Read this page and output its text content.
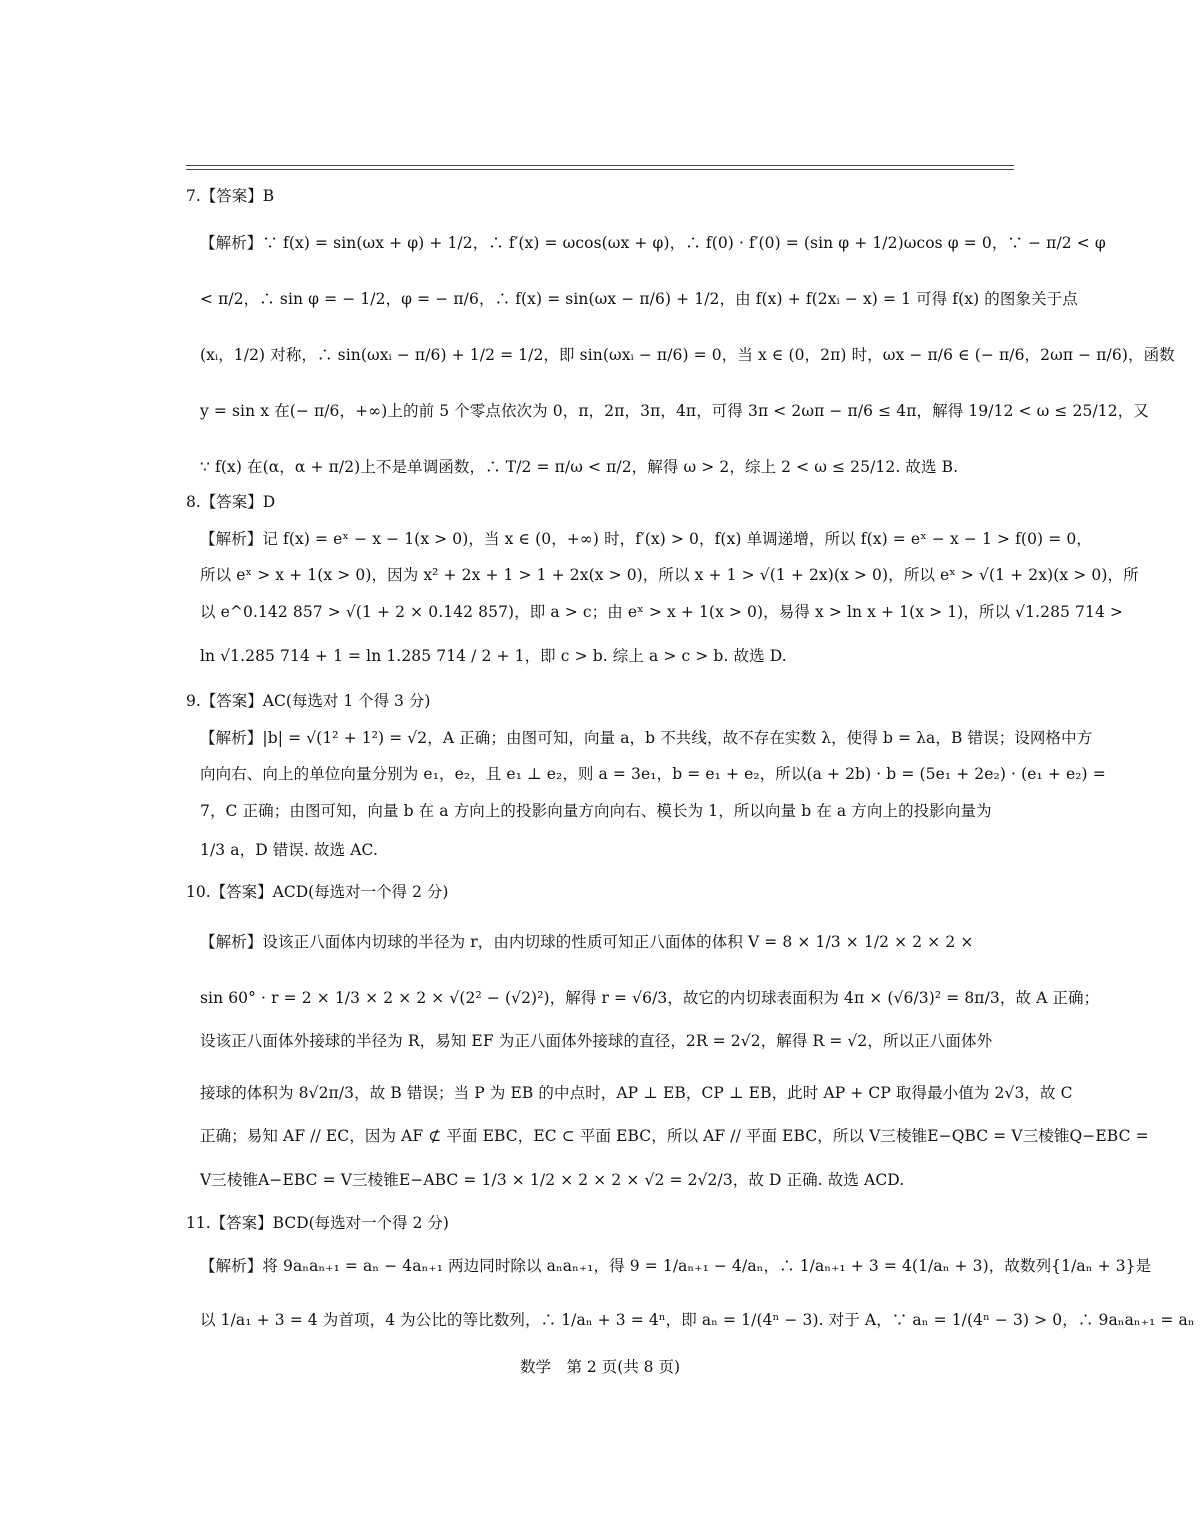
7.【答案】B
【解析】∵ f(x) = sin(ωx + φ) + 1/2，∴ f′(x) = ωcos(ωx + φ)，∴ f(0) · f′(0) = (sin φ + 1/2)ωcos φ = 0，∵ − π/2 < φ
< π/2，∴ sin φ = − 1/2，φ = − π/6，∴ f(x) = sin(ωx − π/6) + 1/2，由 f(x) + f(2xᵢ − x) = 1 可得 f(x) 的图象关于点
(xᵢ，1/2) 对称，∴ sin(ωxᵢ − π/6) + 1/2 = 1/2，即 sin(ωxᵢ − π/6) = 0，当 x ∈ (0，2π) 时，ωx − π/6 ∈ (− π/6，2ωπ − π/6)，函数
y = sin x 在(− π/6，+∞)上的前 5 个零点依次为 0，π，2π，3π，4π，可得 3π < 2ωπ − π/6 ≤ 4π，解得 19/12 < ω ≤ 25/12，又
∵ f(x) 在(α，α + π/2)上不是单调函数，∴ T/2 = π/ω < π/2，解得 ω > 2，综上 2 < ω ≤ 25/12. 故选 B.
8.【答案】D
【解析】记 f(x) = eˣ − x − 1(x > 0)，当 x ∈ (0，+∞) 时，f′(x) > 0，f(x) 单调递增，所以 f(x) = eˣ − x − 1 > f(0) = 0，
所以 eˣ > x + 1(x > 0)，因为 x² + 2x + 1 > 1 + 2x(x > 0)，所以 x + 1 > √(1 + 2x)(x > 0)，所以 eˣ > √(1 + 2x)(x > 0)，所
以 e^0.142 857 > √(1 + 2 × 0.142 857)，即 a > c；由 eˣ > x + 1(x > 0)，易得 x > ln x + 1(x > 1)，所以 √1.285 714 >
ln √1.285 714 + 1 = ln 1.285 714 / 2 + 1，即 c > b. 综上 a > c > b. 故选 D.
9.【答案】AC(每选对 1 个得 3 分)
【解析】|b| = √(1² + 1²) = √2，A 正确；由图可知，向量 a，b 不共线，故不存在实数 λ，使得 b = λa，B 错误；设网格中方
向向右、向上的单位向量分别为 e₁，e₂，且 e₁ ⊥ e₂，则 a = 3e₁，b = e₁ + e₂，所以(a + 2b) · b = (5e₁ + 2e₂) · (e₁ + e₂) =
7，C 正确；由图可知，向量 b 在 a 方向上的投影向量方向向右、模长为 1，所以向量 b 在 a 方向上的投影向量为
1/3 a，D 错误. 故选 AC.
10.【答案】ACD(每选对一个得 2 分)
【解析】设该正八面体内切球的半径为 r，由内切球的性质可知正八面体的体积 V = 8 × 1/3 × 1/2 × 2 × 2 ×
sin 60° · r = 2 × 1/3 × 2 × 2 × √(2² − (√2)²)，解得 r = √6/3，故它的内切球表面积为 4π × (√6/3)² = 8π/3，故 A 正确；
设该正八面体外接球的半径为 R，易知 EF 为正八面体外接球的直径，2R = 2√2，解得 R = √2，所以正八面体外
接球的体积为 8√2π/3，故 B 错误；当 P 为 EB 的中点时，AP ⊥ EB，CP ⊥ EB，此时 AP + CP 取得最小值为 2√3，故 C
正确；易知 AF // EC，因为 AF ⊄ 平面 EBC，EC ⊂ 平面 EBC，所以 AF // 平面 EBC，所以 V三棱锥E−QBC = V三棱锥Q−EBC =
V三棱锥A−EBC = V三棱锥E−ABC = 1/3 × 1/2 × 2 × 2 × √2 = 2√2/3，故 D 正确. 故选 ACD.
11.【答案】BCD(每选对一个得 2 分)
【解析】将 9aₙaₙ₊₁ = aₙ − 4aₙ₊₁ 两边同时除以 aₙaₙ₊₁，得 9 = 1/aₙ₊₁ − 4/aₙ，∴ 1/aₙ₊₁ + 3 = 4(1/aₙ + 3)，故数列{1/aₙ + 3}是
以 1/a₁ + 3 = 4 为首项，4 为公比的等比数列，∴ 1/aₙ + 3 = 4ⁿ，即 aₙ = 1/(4ⁿ − 3). 对于 A，∵ aₙ = 1/(4ⁿ − 3) > 0，∴ 9aₙaₙ₊₁ = aₙ
数学　第 2 页(共 8 页)
